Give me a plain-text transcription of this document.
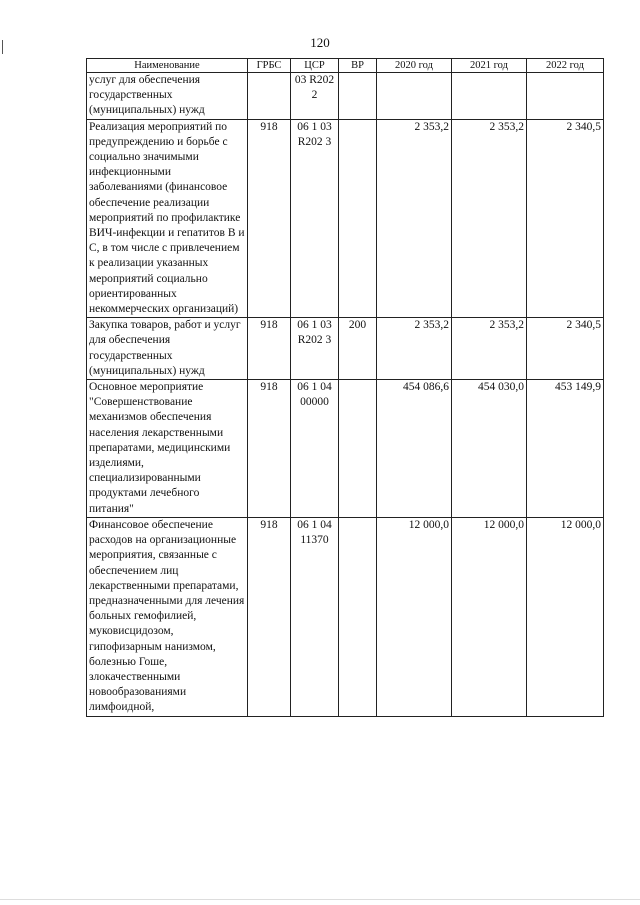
120
Наименование	ГРБС	ЦСР	ВР	2020 год	2021 год	2022 год
услуг для обеспечения государственных (муниципальных) нужд		03 R202 2				
Реализация мероприятий по предупреждению и борьбе с социально значимыми инфекционными заболеваниями (финансовое обеспечение реализации мероприятий по профилактике ВИЧ-инфекции и гепатитов В и С, в том числе с привлечением к реализации указанных мероприятий социально ориентированных некоммерческих организаций)	918	06 1 03 R202 3		2 353,2	2 353,2	2 340,5
Закупка товаров, работ и услуг для обеспечения государственных (муниципальных) нужд	918	06 1 03 R202 3	200	2 353,2	2 353,2	2 340,5
Основное мероприятие "Совершенствование механизмов обеспечения населения лекарственными препаратами, медицинскими изделиями, специализированными продуктами лечебного питания"	918	06 1 04 00000		454 086,6	454 030,0	453 149,9
Финансовое обеспечение расходов на организационные мероприятия, связанные с обеспечением лиц лекарственными препаратами, предназначенными для лечения больных гемофилией, муковисцидозом, гипофизарным нанизмом, болезнью Гоше, злокачественными новообразованиями лимфоидной,	918	06 1 04 11370		12 000,0	12 000,0	12 000,0
